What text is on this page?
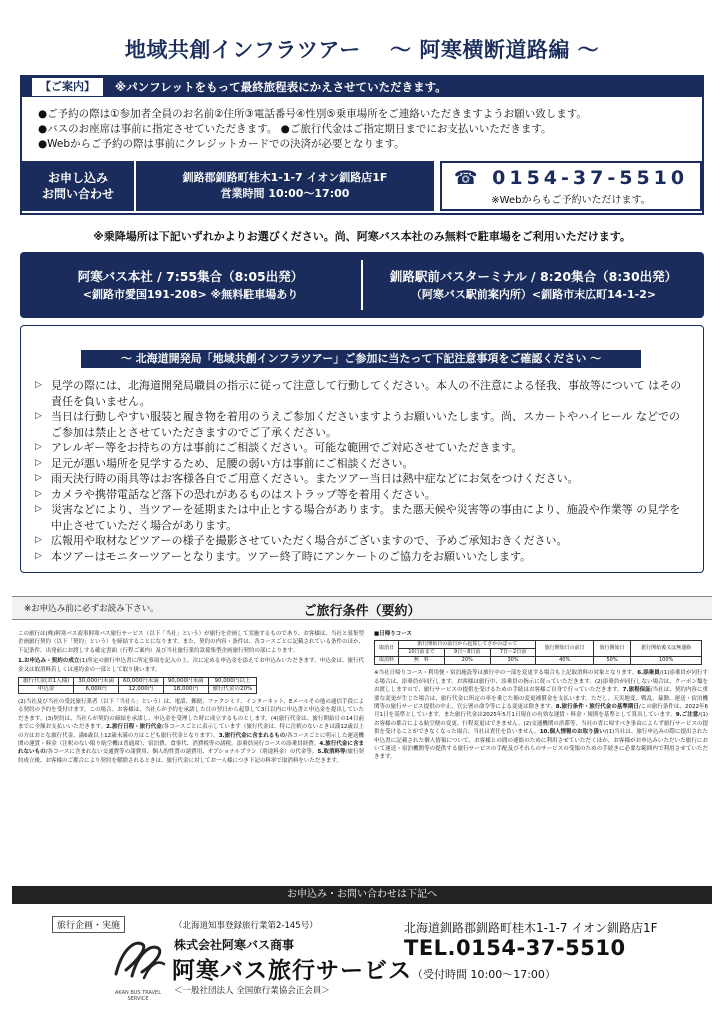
地域共創インフラツアー　 ～ 阿寒横断道路編 ～
【ご案内】	※パンフレットをもって最終旅程表にかえさせていただきます。
●ご予約の際は①参加者全員のお名前②住所③電話番号④性別⑤乗車場所をご連絡いただきますようお願い致します。
●バスのお座席は事前に指定させていただきます。 ●ご旅行代金はご指定期日までにお支払いいただきます。
●Webからご予約の際は事前にクレジットカードでの決済が必要となります。
お申し込み
お問い合わせ
釧路郡釧路町桂木1-1-7 イオン釧路店1F
営業時間 10:00～17:00
☎ 0154-37-5510
※Webからもご予約いただけます。
※乗降場所は下記いずれかよりお選びください。尚、阿寒バス本社のみ無料で駐車場をご利用いただけます。
阿寒バス本社 / 7:55集合（8:05出発）
<釧路市愛国191-208> ※無料駐車場あり
釧路駅前バスターミナル / 8:20集合（8:30出発）
（阿寒バス駅前案内所）<釧路市末広町14-1-2>
～ 北海道開発局「地域共創インフラツアー」ご参加に当たって下記注意事項をご確認ください ～
▷ 見学の際には、北海道開発局職員の指示に従って注意して行動してください。本人の不注意による怪我、事故等について はその責任を負いません。
▷ 当日は行動しやすい服装と履き物を着用のうえご参加くださいますようお願いいたします。尚、スカートやハイヒール などでのご参加は禁止とさせていただきますのでご了承ください。
▷ アレルギー等をお持ちの方は事前にご相談ください。可能な範囲でご対応させていただきます。
▷ 足元が悪い場所を見学するため、足腰の弱い方は事前にご相談ください。
▷ 雨天決行時の雨具等はお客様各自でご用意ください。またツアー当日は熱中症などにお気をつけください。
▷ カメラや携帯電話など落下の恐れがあるものはストラップ等を着用ください。
▷ 災害などにより、当ツアーを延期または中止とする場合があります。また悪天候や災害等の事由により、施設や作業等 の見学を中止させていただく場合があります。
▷ 広報用や取材などツアーの様子を撮影させていただく場合がございますので、予めご承知おきください。
▷ 本ツアーはモニターツアーとなります。ツアー終了時にアンケートのご協力をお願いいたします。
※お申込み前に必ずお読み下さい。	ご旅行条件（要約）

この旅行は(株)阿寒バス商事阿寒バス旅行サービス（以下「当社」という）が旅行を企画して実施するものであり、お客様は、当社と募集型企画旅行契約（以下「契約」という）を締結することになります。また、契約の内容・条件は、各コースごとに記載されている条件のほか、下記条件、出発前にお渡しする確定書面（行程ご案内）及び当社旅行業約款募集型企画旅行契約の部によります。

1.お申込み・契約の成立(1)所定の旅行申込書に所定事項を記入の上、次に定める申込金を添えてお申込みいただきます。申込金は、旅行代金又は取消料若しくは違約金の一部として取り扱います。

旅行代金(お1人様)	30,000円未満	60,000円未満	90,000円未満	90,000円以上
申込金	6,000円	12,000円	18,000円	旅行代金の20%

(2)当社及び当社の受託旅行業者（以下「当社ら」という）は、電話、郵便、ファクシミリ、インターネット、Eメールその他の通信手段による契約の予約を受付けます。この場合、お客様は、当社らが予約を承諾した日の翌日から起算して3日以内に申込書と申込金を提出していただきます。(3)契約は、当社らが契約の締結を承諾し、申込金を受理した時に成立するものとします。(4)旅行代金は、旅行開始日の14日前までに全額お支払いいただきます。2.旅行日程・旅行代金/各コースごとに表示しています（旅行代金は、特に注釈のないときは満12歳以上の方はおとな旅行代金、満6歳以上12歳未満の方はこども旅行代金となります）。3.旅行代金に含まれるもの/各コースごとに明示した運送機関の運賃・料金（注釈のない限り航空機は普通席）、宿泊費、食事代、消費税等の諸税。添乗員同行コースの添乗員経費。4.旅行代金に含まれないもの/各コースに含まれない交通費等の諸費用、個人的性質の諸費用、オプショナルプラン（別途料金）の代金等。5.取消料等/旅行契約成立後、お客様のご都合により契約を解除されるときは、旅行代金に対してお一人様につき下記の料率で取消料をいただきます。

■日帰りコース
取消日	旅行開始日の前日から起算してさかのぼって			旅行開始日の前日	旅行開始日	旅行開始後又は無連絡
	10日前まで	9日〜8日前	7日〜2日前			
取消料	無　料	20%	30%	40%	50%	100%

※当社日帰りコース・利用便・宿泊施設等は旅行中の一部を変更する場合も上記取消料の対象となります。6.添乗員/(1)添乗員が同行する場合は、添乗員が同行します。お客様は旅行中、添乗員の指示に従っていただきます。(2)添乗員が同行しない場合は、クーポン類をお渡ししますので、旅行サービスの提供を受けるための手続はお客様ご自身で行っていただきます。7.旅程保証/当社は、契約内容に重要な変更が生じた場合は、旅行代金に所定の率を乗じた額の変更補償金を支払います。ただし、天災地変、戦乱、暴動、運送・宿泊機関等の旅行サービス提供の中止、官公署の命令等による変更は除きます。8.旅行条件・旅行代金の基準期日/この旅行条件は、2022年6月1日を基準としています。また旅行代金は2025年5月1日現在の有効な運賃・料金・規則を基準として算出しています。9.ご注意/(1)お客様の都合による航空便の変更、行程変更はできません。(2)交通機関の渋滞等、当社の責に帰すべき事由によらず旅行サービスの提供を受けることができなくなった場合、当社は責任を負いません。10.個人情報のお取り扱い/(1)当社は、旅行申込みの際に提出された申込書に記載された個人情報について、お客様との間の連絡のために利用させていただくほか、お客様がお申込みいただいた旅行において運送・宿泊機関等の提供する旅行サービスの手配及びそれらのサービスの受領のための手続きに必要な範囲内で利用させていただきます。

お申込み・お問い合わせは下記へ
旅行企画・実施	（北海道知事登録旅行業第2-145号）
AKAN BUS TRAVEL SERVICE
株式会社阿寒バス商事
阿寒バス旅行サービス
＜一般社団法人 全国旅行業協会正会員＞
北海道釧路郡釧路町桂木1-1-7 イオン釧路店1F
TEL.0154-37-5510
（受付時間 10:00～17:00）
